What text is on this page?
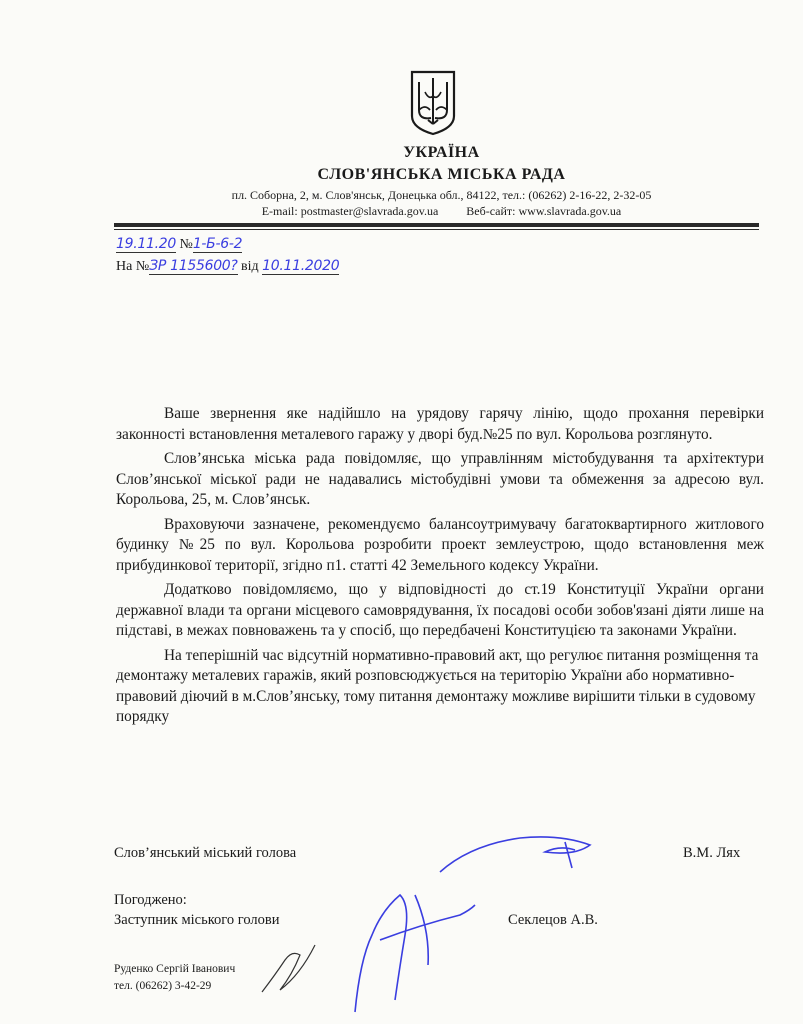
УКРАЇНА
СЛОВ'ЯНСЬКА МІСЬКА РАДА
пл. Соборна, 2, м. Слов'янськ, Донецька обл., 84122, тел.: (06262) 2-16-22, 2-32-05
E-mail: postmaster@slavrada.gov.ua Веб-сайт: www.slavrada.gov.ua
19.11.20 №1-Б-6-2
На №ЗР 1155600? від 10.11.2020

Ваше звернення яке надійшло на урядову гарячу лінію, щодо прохання перевірки законності встановлення металевого гаражу у дворі буд.№25 по вул. Корольова розглянуто.

Слов’янська міська рада повідомляє, що управлінням містобудування та архітектури Слов’янської міської ради не надавались містобудівні умови та обмеження за адресою вул. Корольова, 25, м. Слов’янськ.

Враховуючи зазначене, рекомендуємо балансоутримувачу багатоквартирного житлового будинку №25 по вул. Корольова розробити проект землеустрою, щодо встановлення меж прибудинкової території, згідно п1. статті 42 Земельного кодексу України.

Додатково повідомляємо, що у відповідності до ст.19 Конституції України органи державної влади та органи місцевого самоврядування, їх посадові особи зобов'язані діяти лише на підставі, в межах повноважень та у спосіб, що передбачені Конституцією та законами України.

На теперішній час відсутній нормативно-правовий акт, що регулює питання розміщення та демонтажу металевих гаражів, який розповсюджується на територію України або нормативно-правовий діючий в м.Слов’янську, тому питання демонтажу можливе вирішити тільки в судовому порядку

Слов’янський міський голова	В.М. Лях
Погоджено:
Заступник міського голови	Секлецов А.В.
Руденко Сергій Іванович
тел. (06262) 3-42-29
